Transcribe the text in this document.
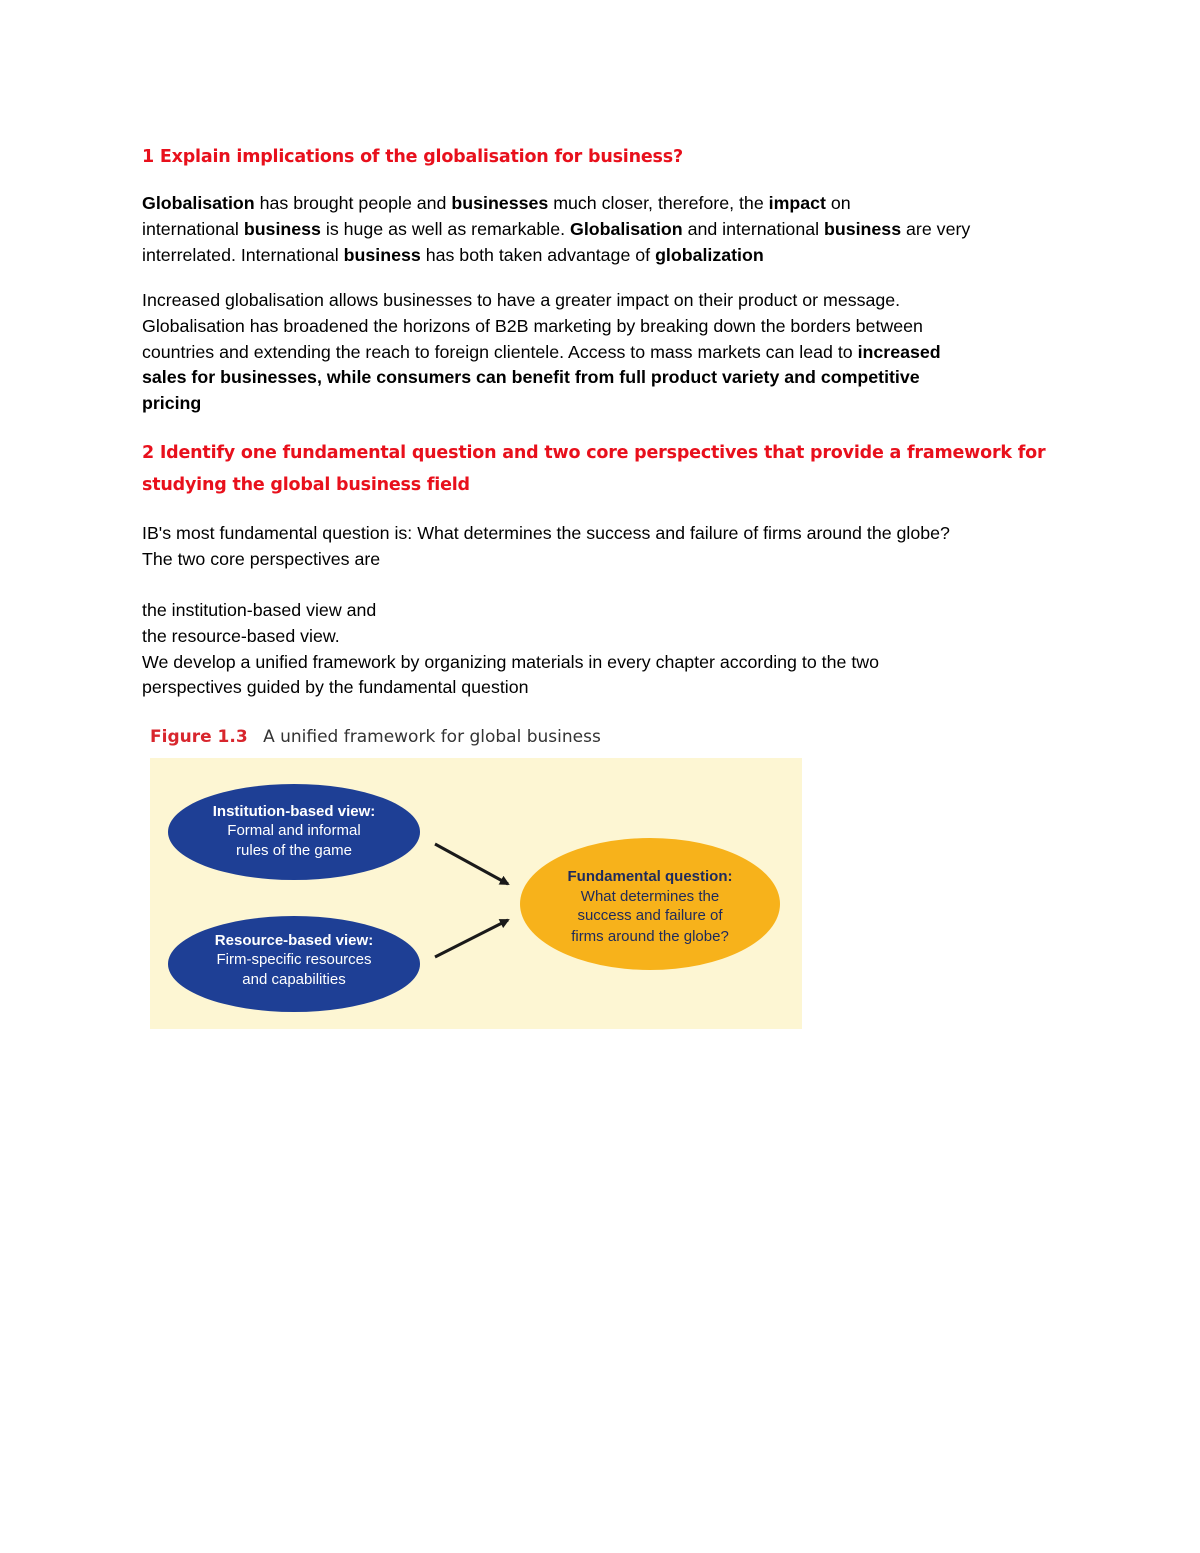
1 Explain implications of the globalisation for business?

Globalisation has brought people and businesses much closer, therefore, the impact on
international business is huge as well as remarkable. Globalisation and international business are very
interrelated. International business has both taken advantage of globalization
Increased globalisation allows businesses to have a greater impact on their product or message.
Globalisation has broadened the horizons of B2B marketing by breaking down the borders between
countries and extending the reach to foreign clientele. Access to mass markets can lead to increased
sales for businesses, while consumers can benefit from full product variety and competitive
pricing
2 Identify one fundamental question and two core perspectives that provide a framework for
studying the global business field
IB's most fundamental question is: What determines the success and failure of firms around the globe?
The two core perspectives are
the institution-based view and
the resource-based view.
We develop a unified framework by organizing materials in every chapter according to the two
perspectives guided by the fundamental question
Figure 1.3 A unified framework for global business
Institution-based view:
Formal and informal
rules of the game
Resource-based view:
Firm-specific resources
and capabilities
Fundamental question:
What determines the
success and failure of
firms around the globe?
